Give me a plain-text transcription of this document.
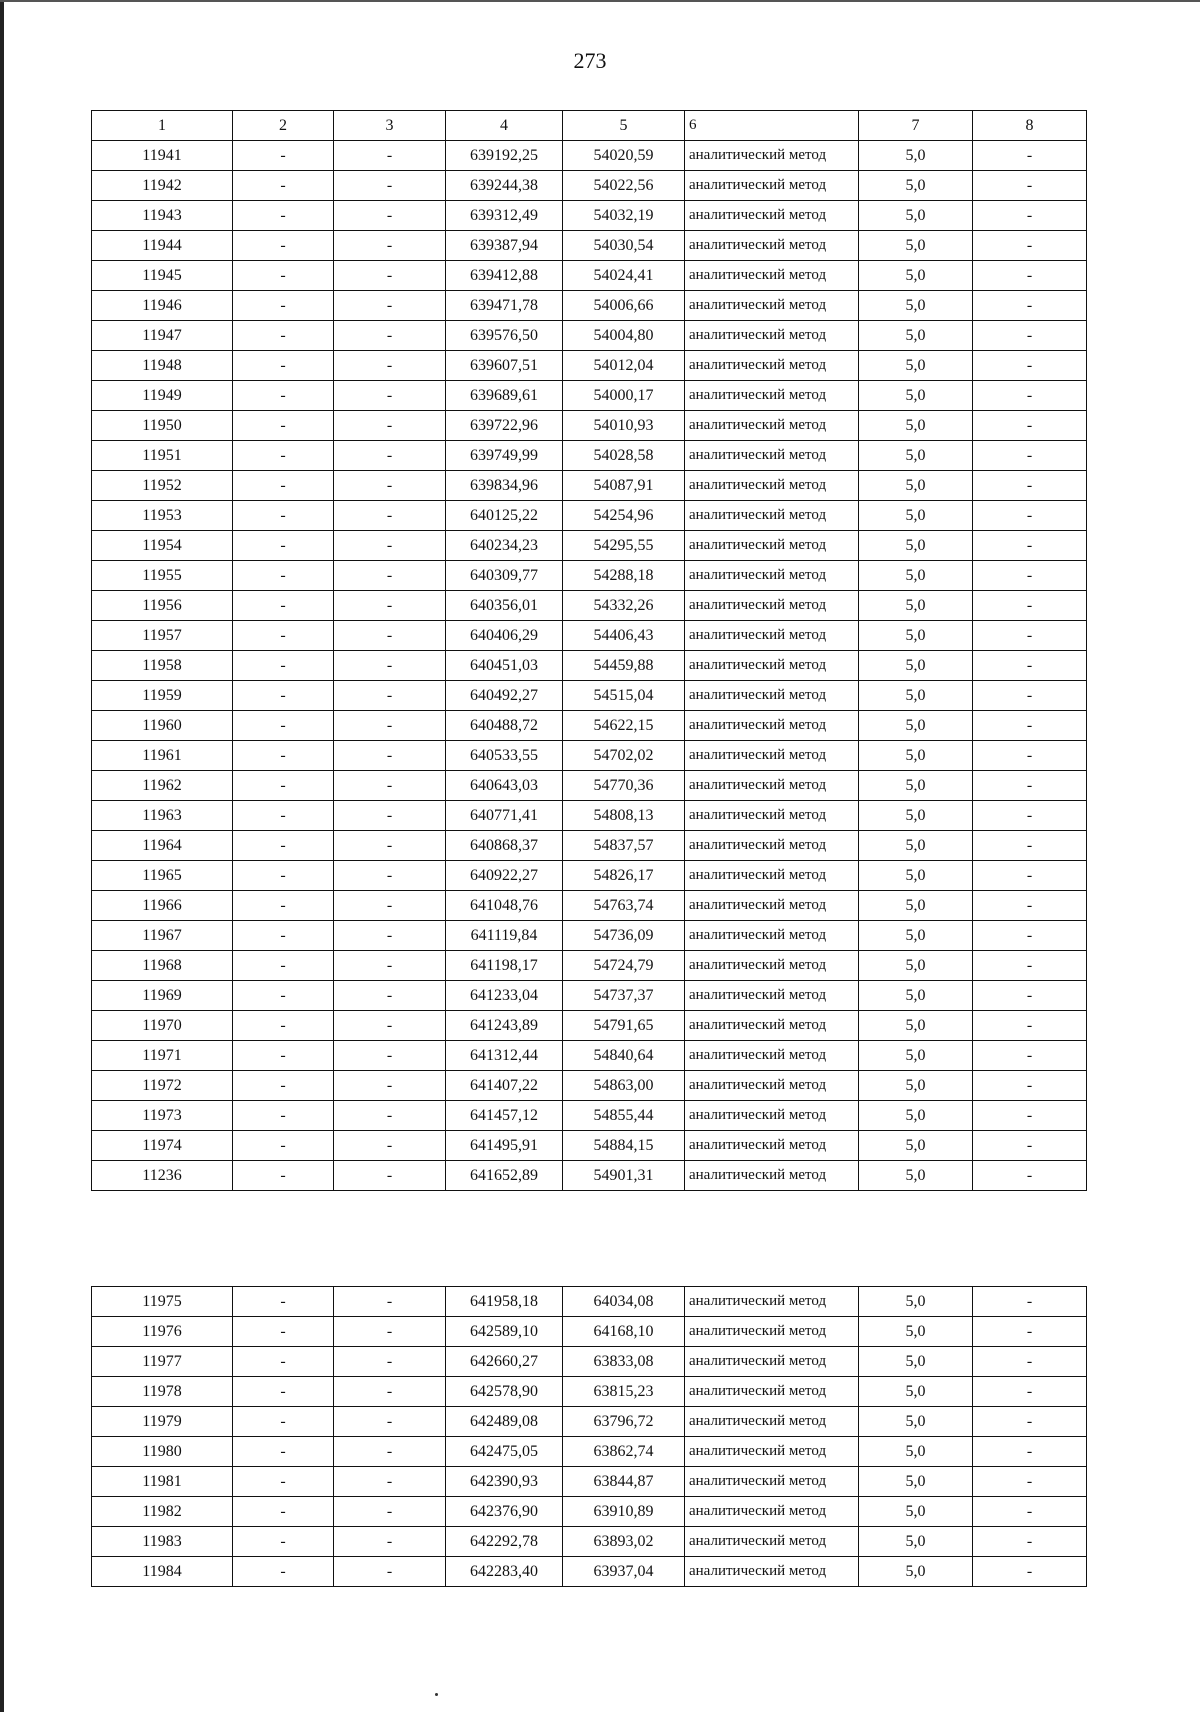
273
1	2	3	4	5	6	7	8
11941	-	-	639192,25	54020,59	аналитический метод	5,0	-
11942	-	-	639244,38	54022,56	аналитический метод	5,0	-
11943	-	-	639312,49	54032,19	аналитический метод	5,0	-
11944	-	-	639387,94	54030,54	аналитический метод	5,0	-
11945	-	-	639412,88	54024,41	аналитический метод	5,0	-
11946	-	-	639471,78	54006,66	аналитический метод	5,0	-
11947	-	-	639576,50	54004,80	аналитический метод	5,0	-
11948	-	-	639607,51	54012,04	аналитический метод	5,0	-
11949	-	-	639689,61	54000,17	аналитический метод	5,0	-
11950	-	-	639722,96	54010,93	аналитический метод	5,0	-
11951	-	-	639749,99	54028,58	аналитический метод	5,0	-
11952	-	-	639834,96	54087,91	аналитический метод	5,0	-
11953	-	-	640125,22	54254,96	аналитический метод	5,0	-
11954	-	-	640234,23	54295,55	аналитический метод	5,0	-
11955	-	-	640309,77	54288,18	аналитический метод	5,0	-
11956	-	-	640356,01	54332,26	аналитический метод	5,0	-
11957	-	-	640406,29	54406,43	аналитический метод	5,0	-
11958	-	-	640451,03	54459,88	аналитический метод	5,0	-
11959	-	-	640492,27	54515,04	аналитический метод	5,0	-
11960	-	-	640488,72	54622,15	аналитический метод	5,0	-
11961	-	-	640533,55	54702,02	аналитический метод	5,0	-
11962	-	-	640643,03	54770,36	аналитический метод	5,0	-
11963	-	-	640771,41	54808,13	аналитический метод	5,0	-
11964	-	-	640868,37	54837,57	аналитический метод	5,0	-
11965	-	-	640922,27	54826,17	аналитический метод	5,0	-
11966	-	-	641048,76	54763,74	аналитический метод	5,0	-
11967	-	-	641119,84	54736,09	аналитический метод	5,0	-
11968	-	-	641198,17	54724,79	аналитический метод	5,0	-
11969	-	-	641233,04	54737,37	аналитический метод	5,0	-
11970	-	-	641243,89	54791,65	аналитический метод	5,0	-
11971	-	-	641312,44	54840,64	аналитический метод	5,0	-
11972	-	-	641407,22	54863,00	аналитический метод	5,0	-
11973	-	-	641457,12	54855,44	аналитический метод	5,0	-
11974	-	-	641495,91	54884,15	аналитический метод	5,0	-
11236	-	-	641652,89	54901,31	аналитический метод	5,0	-
11975	-	-	641958,18	64034,08	аналитический метод	5,0	-
11976	-	-	642589,10	64168,10	аналитический метод	5,0	-
11977	-	-	642660,27	63833,08	аналитический метод	5,0	-
11978	-	-	642578,90	63815,23	аналитический метод	5,0	-
11979	-	-	642489,08	63796,72	аналитический метод	5,0	-
11980	-	-	642475,05	63862,74	аналитический метод	5,0	-
11981	-	-	642390,93	63844,87	аналитический метод	5,0	-
11982	-	-	642376,90	63910,89	аналитический метод	5,0	-
11983	-	-	642292,78	63893,02	аналитический метод	5,0	-
11984	-	-	642283,40	63937,04	аналитический метод	5,0	-
